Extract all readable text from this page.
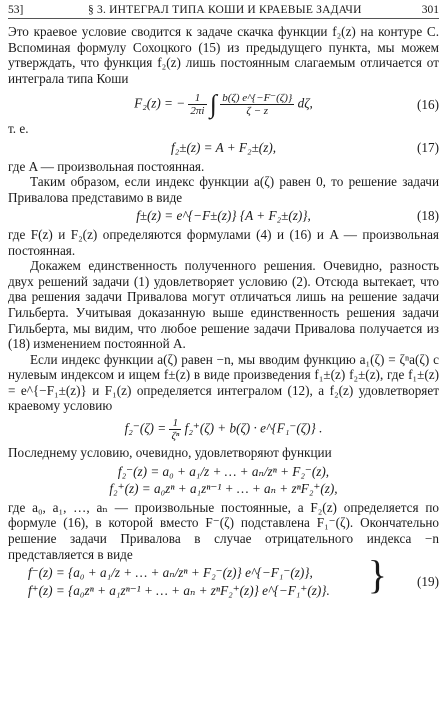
53]	§ 3. ИНТЕГРАЛ ТИПА КОШИ И КРАЕВЫЕ ЗАДАЧИ	301

Это краевое условие сводится к задаче скачка функции f₂(z) на контуре C. Вспоминая формулу Сохоцкого (15) из предыдущего пункта, мы можем утверждать, что функция f₂(z) лишь постоянным слагаемым отличается от интеграла типа Коши

F₂(z) = − $\frac{1}{2\pi i}$ ∫ $\frac{b(\zeta) e\^{}\{-F^-(\zeta)\}}{\zeta - z} d\zeta$,	(16)

т. е.

f₂±(z) = A + F₂±(z),	(17)

где A — произвольная постоянная.

Таким образом, если индекс функции a(ζ) равен 0, то решение задачи Привалова представимо в виде

f±(z) = e^{−F±(z)} {A + F₂±(z)},	(18)

где F(z) и F₂(z) определяются формулами (4) и (16) и A — произвольная постоянная.

Докажем единственность полученного решения. Очевидно, разность двух решений задачи (1) удовлетворяет условию (2). Отсюда вытекает, что два решения задачи Привалова могут отличаться лишь на решение задачи Гильберта. Учитывая доказанную выше единственность решения задачи Гильберта, мы видим, что любое решение задачи Привалова получается из (18) изменением постоянной A.

Если индекс функции a(ζ) равен −n, мы вводим функцию a₁(ζ) = ζⁿa(ζ) с нулевым индексом и ищем f±(z) в виде произведения f₁±(z) f₂±(z), где f₁±(z) = e^{−F₁±(z)} и F₁(z) определяется интегралом (12), а f₂(z) удовлетворяет краевому условию

$f_2^-(\zeta) = \frac{1}{\text{ζⁿ}} f_2^+(\zeta) + b(\zeta)$ · e^{F₁⁻(ζ)} .

Последнему условию, очевидно, удовлетворяют функции

f₂⁻(z) = a₀ + a₁/z + … + aₙ/zⁿ + F₂⁻(z),
f₂⁺(z) = a₀zⁿ + a₁zⁿ⁻¹ + … + aₙ + zⁿF₂⁺(z),

где a₀, a₁, …, aₙ — произвольные постоянные, а F₂(z) определяется по формуле (16), в которой вместо F⁻(ζ) подставлена F₁⁻(ζ). Окончательно решение задачи Привалова в случае отрицательного индекса −n представляется в виде

f⁻(z) = {a₀ + a₁/z + … + aₙ/zⁿ + F₂⁻(z)} e^{−F₁⁻(z)},
f⁺(z) = {a₀zⁿ + a₁zⁿ⁻¹ + … + aₙ + zⁿF₂⁺(z)} e^{−F₁⁺(z)}. } (19)
